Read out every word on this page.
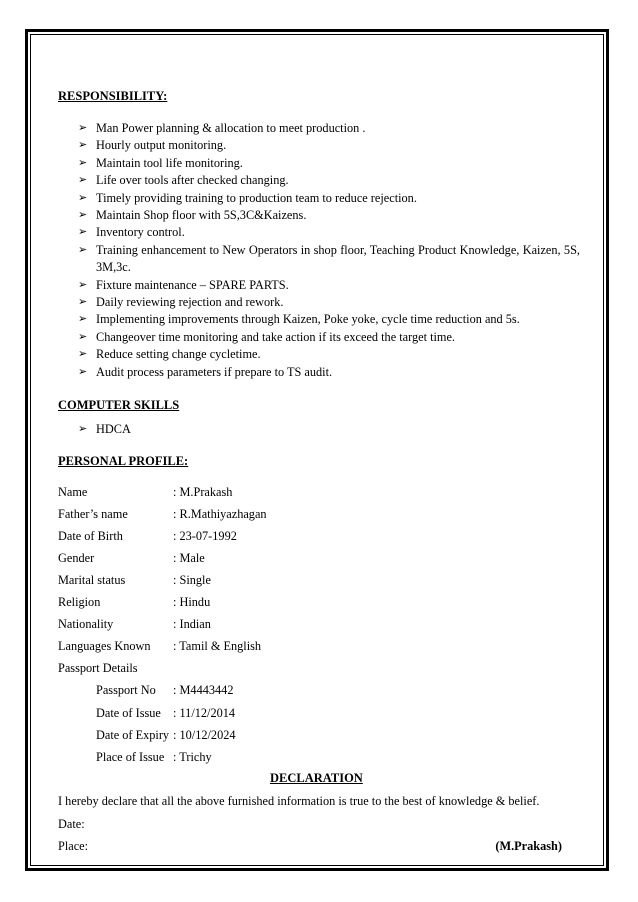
RESPONSIBILITY:
➢ Man Power planning & allocation to meet production .
➢ Hourly output monitoring.
➢ Maintain tool life monitoring.
➢ Life over tools after checked changing.
➢ Timely providing training to production team to reduce rejection.
➢ Maintain Shop floor with 5S,3C&Kaizens.
➢ Inventory control.
➢ Training enhancement to New Operators in shop floor, Teaching Product Knowledge, Kaizen, 5S, 3M,3c.
➢ Fixture maintenance – SPARE PARTS.
➢ Daily reviewing rejection and rework.
➢ Implementing improvements through Kaizen, Poke yoke, cycle time reduction and 5s.
➢ Changeover time monitoring and take action if its exceed the target time.
➢ Reduce setting change cycletime.
➢ Audit process parameters if prepare to TS audit.
COMPUTER SKILLS
➢ HDCA
PERSONAL PROFILE:
Name	: M.Prakash
Father’s name	: R.Mathiyazhagan
Date of Birth	: 23-07-1992
Gender	: Male
Marital status	: Single
Religion	: Hindu
Nationality	: Indian
Languages Known : Tamil & English
Passport Details
Passport No : M4443442
Date of Issue : 11/12/2014
Date of Expiry : 10/12/2024
Place of Issue : Trichy
DECLARATION
I hereby declare that all the above furnished information is true to the best of knowledge & belief.
Date:
Place:	(M.Prakash)
